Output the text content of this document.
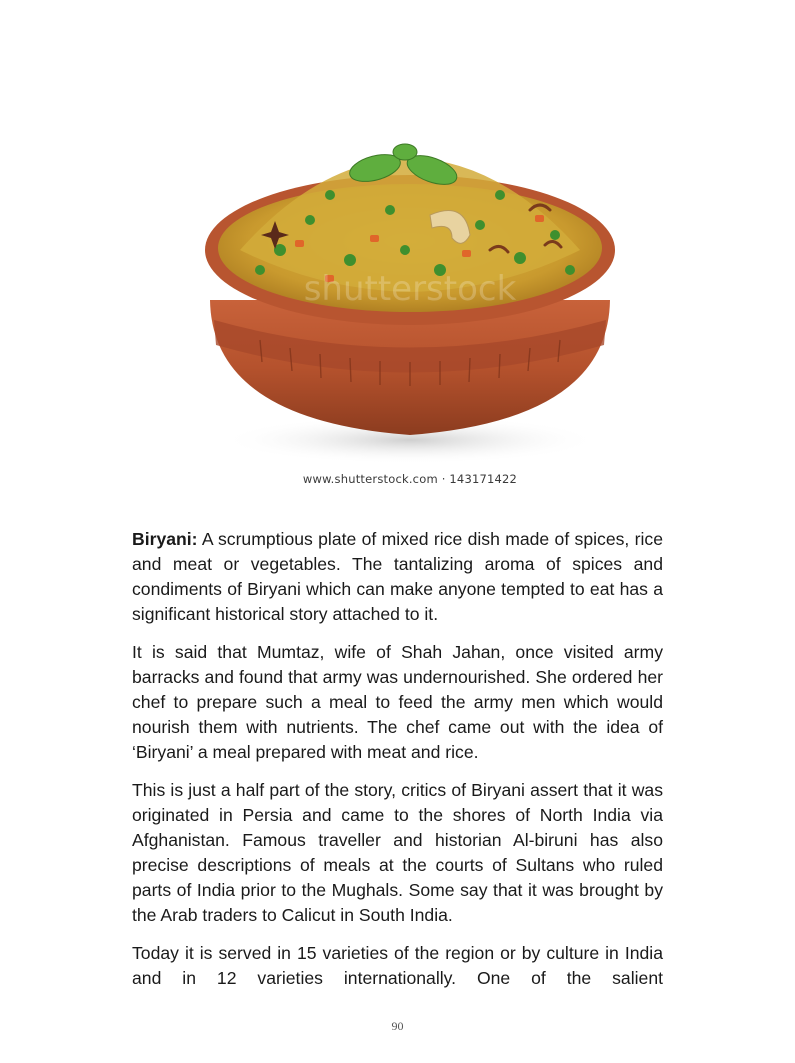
shutterstock
www.shutterstock.com · 143171422

Biryani: A scrumptious plate of mixed rice dish made of spices, rice and meat or vegetables. The tantalizing aroma of spices and condiments of Biryani which can make anyone tempted to eat has a significant historical story attached to it.

It is said that Mumtaz, wife of Shah Jahan, once visited army barracks and found that army was undernourished. She ordered her chef to prepare such a meal to feed the army men which would nourish them with nutrients. The chef came out with the idea of ‘Biryani’ a meal prepared with meat and rice.

This is just a half part of the story, critics of Biryani assert that it was originated in Persia and came to the shores of North India via Afghanistan. Famous traveller and historian Al-biruni has also precise descriptions of meals at the courts of Sultans who ruled parts of India prior to the Mughals. Some say that it was brought by the Arab traders to Calicut in South India.

Today it is served in 15 varieties of the region or by culture in India and in 12 varieties internationally. One of the salient

90
